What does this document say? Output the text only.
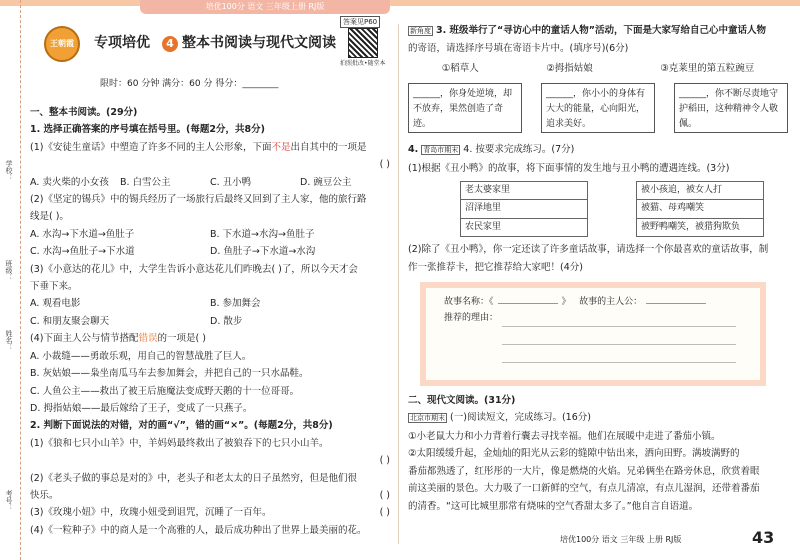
培优100分 语文 三年级上册 RJ版
学校：
班级：
姓名：
考号：
王朝霞	专项培优 4 整本书阅读与现代文阅读
答案见P60
拍照批改•随堂本
限时：60 分钟 满分：60 分 得分：________

一、整本书阅读。(29分)

1. 选择正确答案的序号填在括号里。(每题2分，共8分)

(1)《安徒生童话》中塑造了许多不同的主人公形象，下面不是出自其中的一项是

( )

A. 卖火柴的小女孩	B. 白雪公主	C. 丑小鸭	D. 豌豆公主

(2)《坚定的锡兵》中的锡兵经历了一场旅行后最终又回到了主人家，他的旅行路

线是( )。

A. 水沟→下水道→鱼肚子	B. 下水道→水沟→鱼肚子

C. 水沟→鱼肚子→下水道	D. 鱼肚子→下水道→水沟

(3)《小意达的花儿》中，大学生告诉小意达花儿们昨晚去( )了，所以今天才会

下垂下来。

A. 观看电影	B. 参加舞会

C. 和朋友聚会聊天	D. 散步

(4)下面主人公与情节搭配错误的一项是( )

A. 小裁缝——勇敢乐观，用自己的智慧战胜了巨人。

B. 灰姑娘——枭坐南瓜马车去参加舞会，并把自己的一只水晶鞋。

C. 人鱼公主——救出了被王后施魔法变成野天鹅的十一位哥哥。

D. 拇指姑娘——最后嫁给了王子，变成了一只燕子。

2. 判断下面说法的对错，对的画“√”，错的画“×”。(每题2分，共8分)

(1)《狼和七只小山羊》中，羊妈妈最终救出了被狼吞下的七只小山羊。

( )

(2)《老头子做的事总是对的》中，老头子和老太太的日子虽然穷，但是他们很

快乐。	( )

(3)《玫瑰小妞》中，玫瑰小妞受到诅咒，沉睡了一百年。	( )

(4)《一粒种子》中的商人是一个高雅的人，最后成功种出了世界上最美丽的花。

新角度 3. 班级举行了“寻访心中的童话人物”活动，下面是大家写给自己心中童话人物

的寄语，请选择序号填在寄语卡片中。(填序号)(6分)

①稻草人	②拇指姑娘	③克莱里的第五粒豌豆
______，你身处逆境，却不放弃，果然创造了奇迹。
______，你小小的身体有大大的能量，心向阳光，追求美好。
______，你不断尽责地守护稻田，这种精神令人敬佩。

4. 青岛市期末 4. 按要求完成练习。(7分)

(1)根据《丑小鸭》的故事，将下面事情的发生地与丑小鸭的遭遇连线。(3分)

老太婆家里		被小孩追，被女人打
沼泽地里		被猫、母鸡嘲笑
农民家里		被野鸭嘲笑，被猎狗欺负

(2)除了《丑小鸭》，你一定还读了许多童话故事，请选择一个你最喜欢的童话故事，制

作一张推荐卡，把它推荐给大家吧！(4分)

故事名称：《	》 故事的主人公：
推荐的理由：

二、现代文阅读。(31分)

北京市期末 (一)阅读短文，完成练习。(16分)

①小老鼠大力和小力背着行囊去寻找幸福。他们在展暖中走进了番茄小镇。

②太阳缓缓升起，金灿灿的阳光从云彩的缝隙中钻出来，洒向田野。满坡满野的

番茄都熟透了，红彤彤的一大片，像是燃烧的火焰。兄弟俩坐在路旁休息，欣赏着眼

前这美丽的景色。大力吸了一口新鲜的空气，有点儿清凉，有点儿湿润，还带着番茄

的清香。“这可比城里那常有烧味的空气香甜太多了。”他自言自语道。

培优100分 语文 三年级 上册 RJ版	43
